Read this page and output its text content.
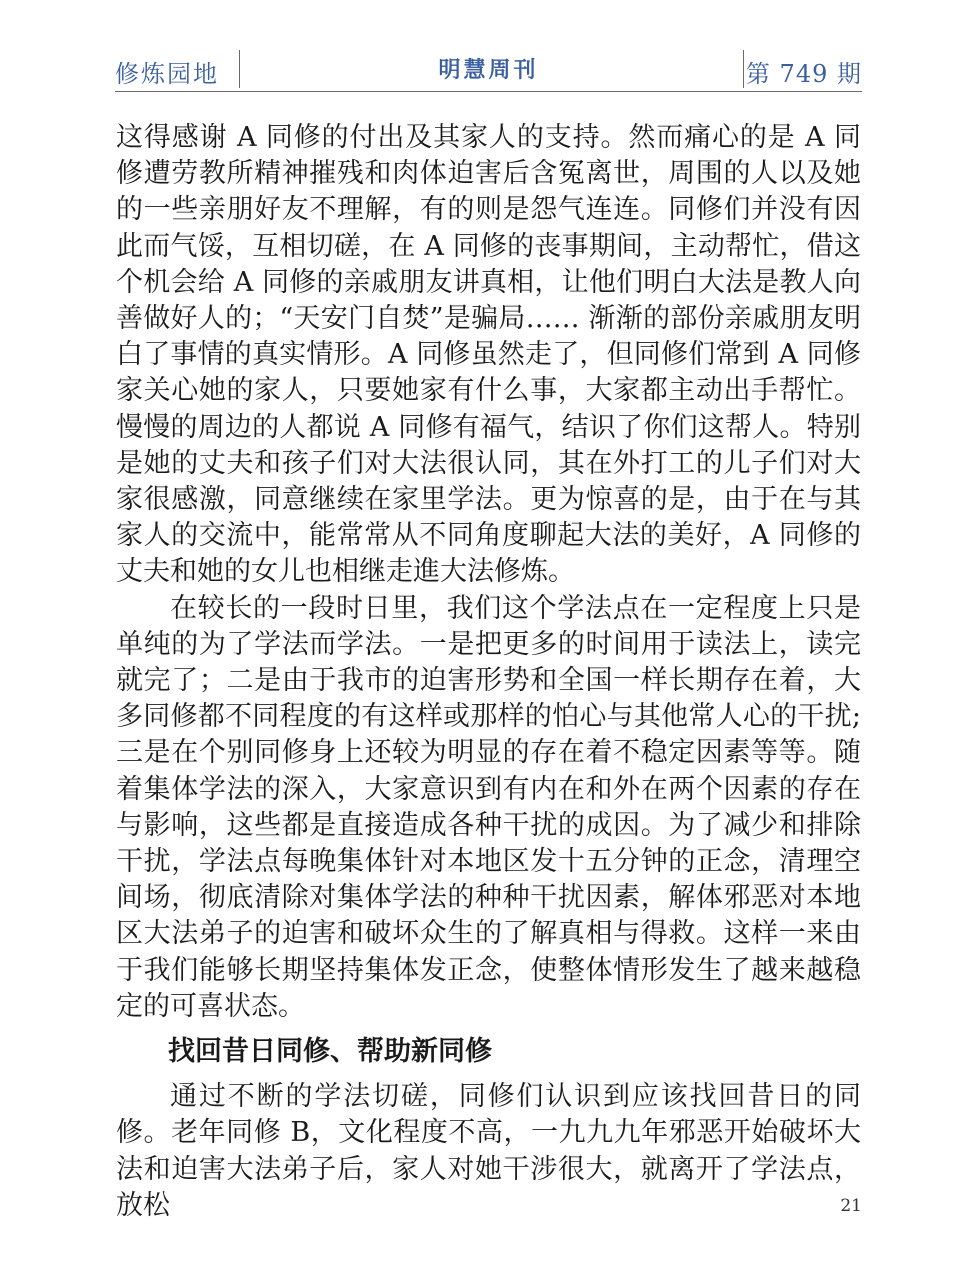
修炼园地	明慧周刊	第 749 期

这得感谢 A 同修的付出及其家人的支持。然而痛心的是 A 同修遭劳教所精神摧残和肉体迫害后含冤离世，周围的人以及她的一些亲朋好友不理解，有的则是怨气连连。同修们并没有因此而气馁，互相切磋，在 A 同修的丧事期间，主动帮忙，借这个机会给 A 同修的亲戚朋友讲真相，让他们明白大法是教人向善做好人的；“天安门自焚”是骗局…… 渐渐的部份亲戚朋友明白了事情的真实情形。A 同修虽然走了，但同修们常到 A 同修家关心她的家人，只要她家有什么事，大家都主动出手帮忙。慢慢的周边的人都说 A 同修有福气，结识了你们这帮人。特别是她的丈夫和孩子们对大法很认同，其在外打工的儿子们对大家很感激，同意继续在家里学法。更为惊喜的是，由于在与其家人的交流中，能常常从不同角度聊起大法的美好，A 同修的丈夫和她的女儿也相继走進大法修炼。

在较长的一段时日里，我们这个学法点在一定程度上只是单纯的为了学法而学法。一是把更多的时间用于读法上，读完就完了；二是由于我市的迫害形势和全国一样长期存在着，大多同修都不同程度的有这样或那样的怕心与其他常人心的干扰;三是在个别同修身上还较为明显的存在着不稳定因素等等。随着集体学法的深入，大家意识到有内在和外在两个因素的存在与影响，这些都是直接造成各种干扰的成因。为了减少和排除干扰，学法点每晚集体针对本地区发十五分钟的正念，清理空间场，彻底清除对集体学法的种种干扰因素，解体邪恶对本地区大法弟子的迫害和破坏众生的了解真相与得救。这样一来由于我们能够长期坚持集体发正念，使整体情形发生了越来越稳定的可喜状态。

找回昔日同修、帮助新同修

通过不断的学法切磋，同修们认识到应该找回昔日的同修。老年同修 B，文化程度不高，一九九九年邪恶开始破坏大法和迫害大法弟子后，家人对她干涉很大，就离开了学法点，放松	21
